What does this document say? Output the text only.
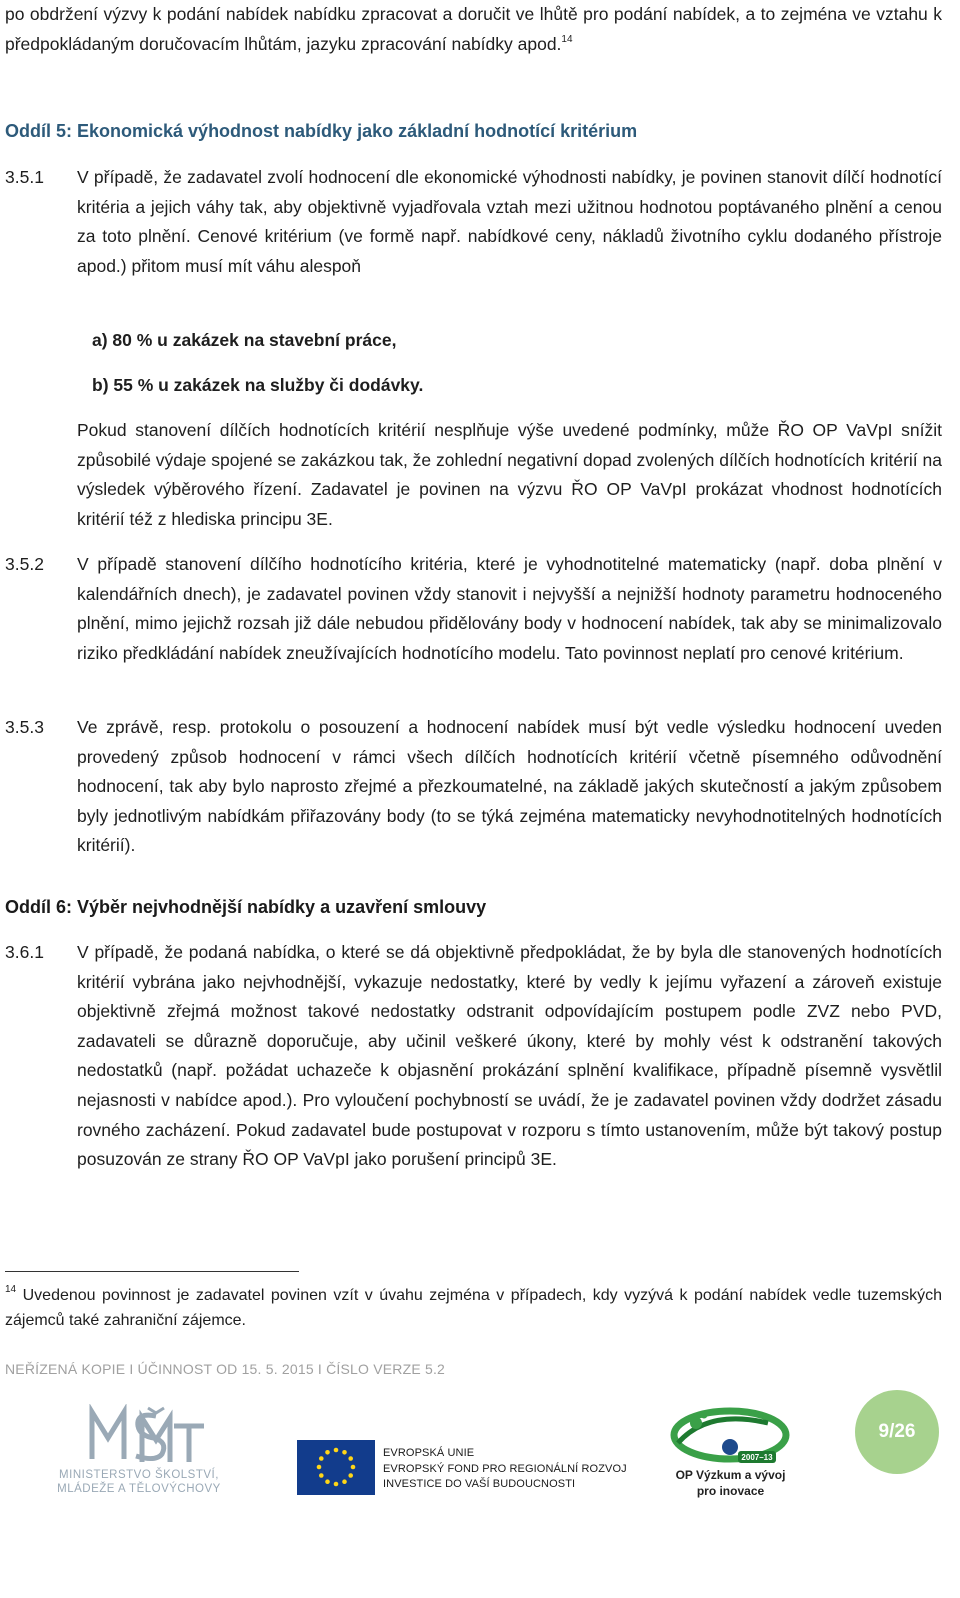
po obdržení výzvy k podání nabídek nabídku zpracovat a doručit ve lhůtě pro podání nabídek, a to zejména ve vztahu k předpokládaným doručovacím lhůtám, jazyku zpracování nabídky apod.$^{14}$

Oddíl 5: Ekonomická výhodnost nabídky jako základní hodnotící kritérium
3.5.1	V případě, že zadavatel zvolí hodnocení dle ekonomické výhodnosti nabídky, je povinen stanovit dílčí hodnotící kritéria a jejich váhy tak, aby objektivně vyjadřovala vztah mezi užitnou hodnotou poptávaného plnění a cenou za toto plnění. Cenové kritérium (ve formě např. nabídkové ceny, nákladů životního cyklu dodaného přístroje apod.) přitom musí mít váhu alespoň

a) 80 % u zakázek na stavební práce,
b) 55 % u zakázek na služby či dodávky.

Pokud stanovení dílčích hodnotících kritérií nesplňuje výše uvedené podmínky, může ŘO OP VaVpI snížit způsobilé výdaje spojené se zakázkou tak, že zohlední negativní dopad zvolených dílčích hodnotících kritérií na výsledek výběrového řízení. Zadavatel je povinen na výzvu ŘO OP VaVpI prokázat vhodnost hodnotících kritérií též z hlediska principu 3E.

3.5.2	V případě stanovení dílčího hodnotícího kritéria, které je vyhodnotitelné matematicky (např. doba plnění v kalendářních dnech), je zadavatel povinen vždy stanovit i nejvyšší a nejnižší hodnoty parametru hodnoceného plnění, mimo jejichž rozsah již dále nebudou přidělovány body v hodnocení nabídek, tak aby se minimalizovalo riziko předkládání nabídek zneužívajících hodnotícího modelu. Tato povinnost neplatí pro cenové kritérium.

3.5.3	Ve zprávě, resp. protokolu o posouzení a hodnocení nabídek musí být vedle výsledku hodnocení uveden provedený způsob hodnocení v rámci všech dílčích hodnotících kritérií včetně písemného odůvodnění hodnocení, tak aby bylo naprosto zřejmé a přezkoumatelné, na základě jakých skutečností a jakým způsobem byly jednotlivým nabídkám přiřazovány body (to se týká zejména matematicky nevyhodnotitelných hodnotících kritérií).

Oddíl 6: Výběr nejvhodnější nabídky a uzavření smlouvy
3.6.1	V případě, že podaná nabídka, o které se dá objektivně předpokládat, že by byla dle stanovených hodnotících kritérií vybrána jako nejvhodnější, vykazuje nedostatky, které by vedly k jejímu vyřazení a zároveň existuje objektivně zřejmá možnost takové nedostatky odstranit odpovídajícím postupem podle ZVZ nebo PVD, zadavateli se důrazně doporučuje, aby učinil veškeré úkony, které by mohly vést k odstranění takových nedostatků (např. požádat uchazeče k objasnění prokázání splnění kvalifikace, případně písemně vysvětlil nejasnosti v nabídce apod.). Pro vyloučení pochybností se uvádí, že je zadavatel povinen vždy dodržet zásadu rovného zacházení. Pokud zadavatel bude postupovat v rozporu s tímto ustanovením, může být takový postup posuzován ze strany ŘO OP VaVpI jako porušení principů 3E.

$^{14}$ Uvedenou povinnost je zadavatel povinen vzít v úvahu zejména v případech, kdy vyzývá k podání nabídek vedle tuzemských zájemců také zahraniční zájemce.
NEŘÍZENÁ KOPIE I ÚČINNOST OD 15. 5. 2015 I ČÍSLO VERZE 5.2
MINISTERSTVO ŠKOLSTVÍ,
MLÁDEŽE A TĚLOVÝCHOVY
EVROPSKÁ UNIE
EVROPSKÝ FOND PRO REGIONÁLNÍ ROZVOJ
INVESTICE DO VAŠÍ BUDOUCNOSTI
2007–13
OP Výzkum a vývoj
pro inovace
9/26
